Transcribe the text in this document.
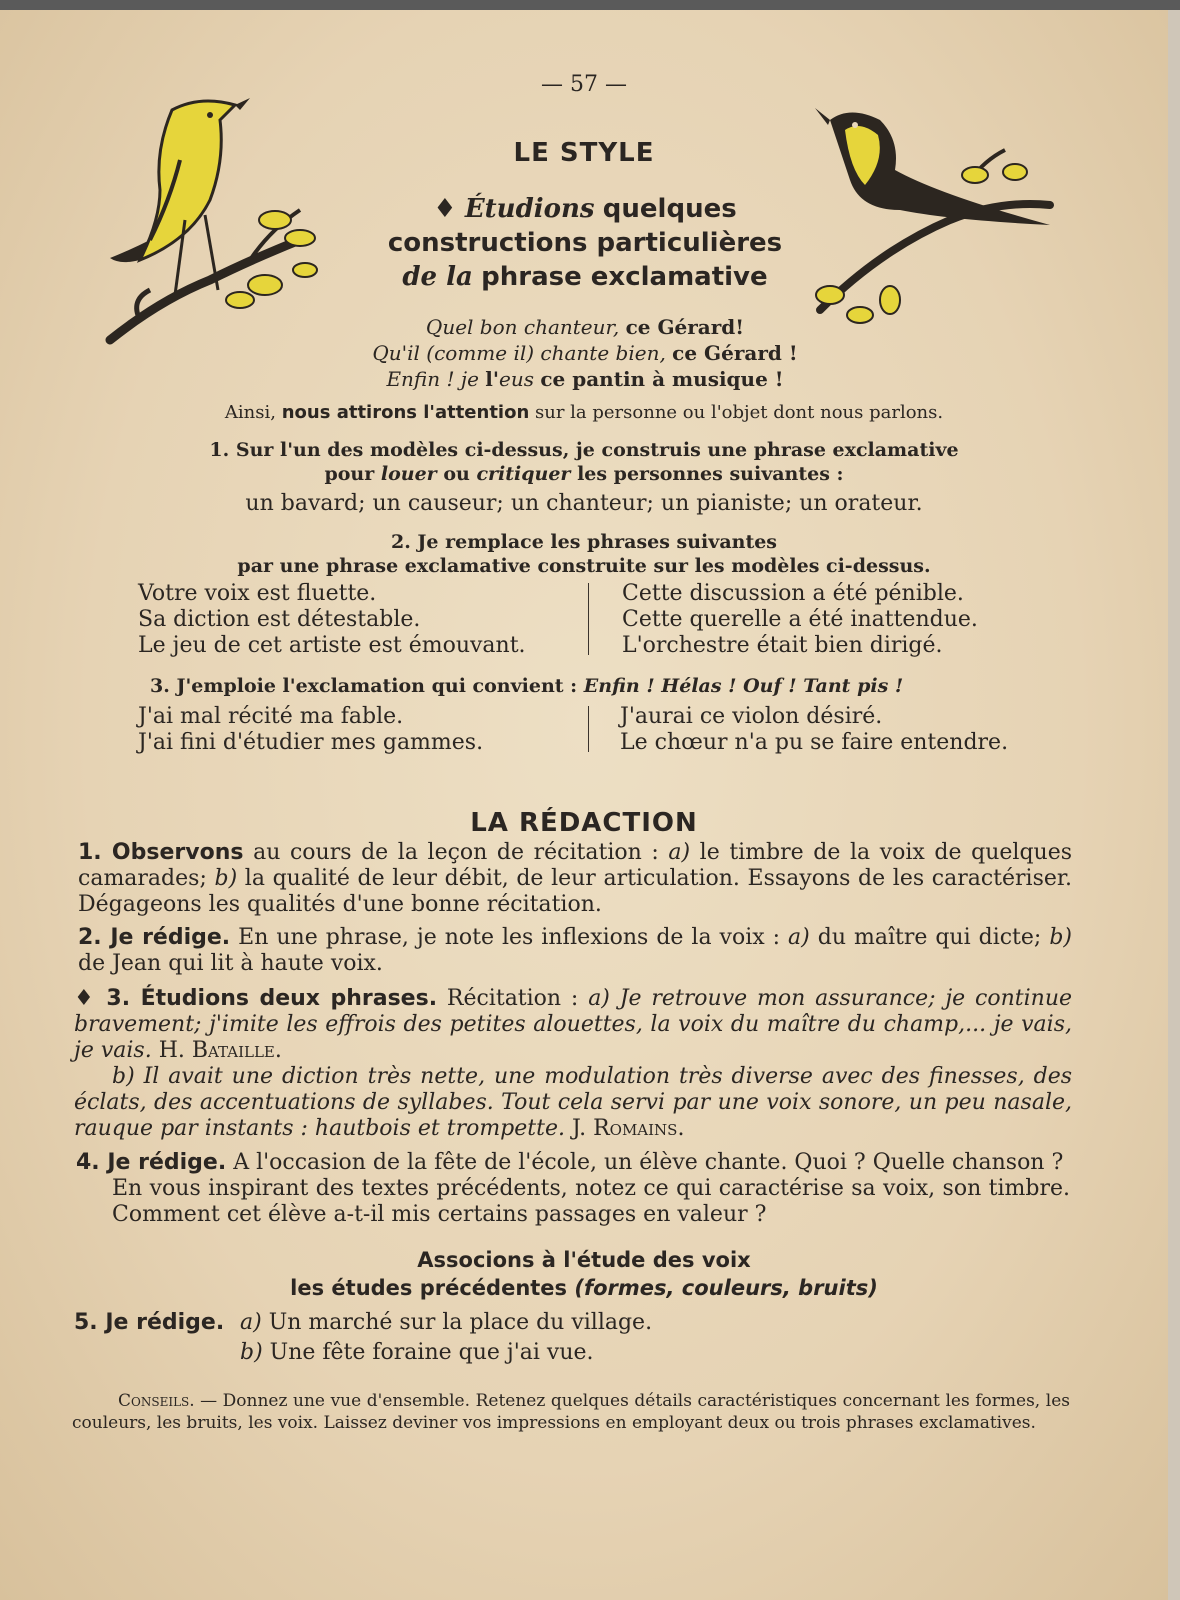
— 57 —
LE STYLE
♦ Étudions quelques
constructions particulières
de la phrase exclamative
Quel bon chanteur, ce Gérard!
Qu'il (comme il) chante bien, ce Gérard !
Enfin ! je l'eus ce pantin à musique !
Ainsi, nous attirons l'attention sur la personne ou l'objet dont nous parlons.
1. Sur l'un des modèles ci-dessus, je construis une phrase exclamative
pour louer ou critiquer les personnes suivantes :
un bavard; un causeur; un chanteur; un pianiste; un orateur.
2. Je remplace les phrases suivantes
par une phrase exclamative construite sur les modèles ci-dessus.
Votre voix est fluette.
Sa diction est détestable.
Le jeu de cet artiste est émouvant.
Cette discussion a été pénible.
Cette querelle a été inattendue.
L'orchestre était bien dirigé.
3. J'emploie l'exclamation qui convient : Enfin ! Hélas ! Ouf ! Tant pis !
J'ai mal récité ma fable.
J'ai fini d'étudier mes gammes.
J'aurai ce violon désiré.
Le chœur n'a pu se faire entendre.
LA RÉDACTION
1. Observons au cours de la leçon de récitation : a) le timbre de la voix de quelques camarades; b) la qualité de leur débit, de leur articulation. Essayons de les caractériser. Dégageons les qualités d'une bonne récitation.
2. Je rédige. En une phrase, je note les inflexions de la voix : a) du maître qui dicte; b) de Jean qui lit à haute voix.
♦ 3. Étudions deux phrases. Récitation : a) Je retrouve mon assurance; je continue bravement; j'imite les effrois des petites alouettes, la voix du maître du champ,... je vais, je vais. H. Bataille.
b) Il avait une diction très nette, une modulation très diverse avec des finesses, des éclats, des accentuations de syllabes. Tout cela servi par une voix sonore, un peu nasale, rauque par instants : hautbois et trompette. J. Romains.
4. Je rédige. A l'occasion de la fête de l'école, un élève chante. Quoi ? Quelle chanson ?
En vous inspirant des textes précédents, notez ce qui caractérise sa voix, son timbre. Comment cet élève a-t-il mis certains passages en valeur ?
Associons à l'étude des voix
les études précédentes (formes, couleurs, bruits)
5. Je rédige. a) Un marché sur la place du village.
b) Une fête foraine que j'ai vue.
Conseils. — Donnez une vue d'ensemble. Retenez quelques détails caractéristiques concernant les formes, les couleurs, les bruits, les voix. Laissez deviner vos impressions en employant deux ou trois phrases exclamatives.
